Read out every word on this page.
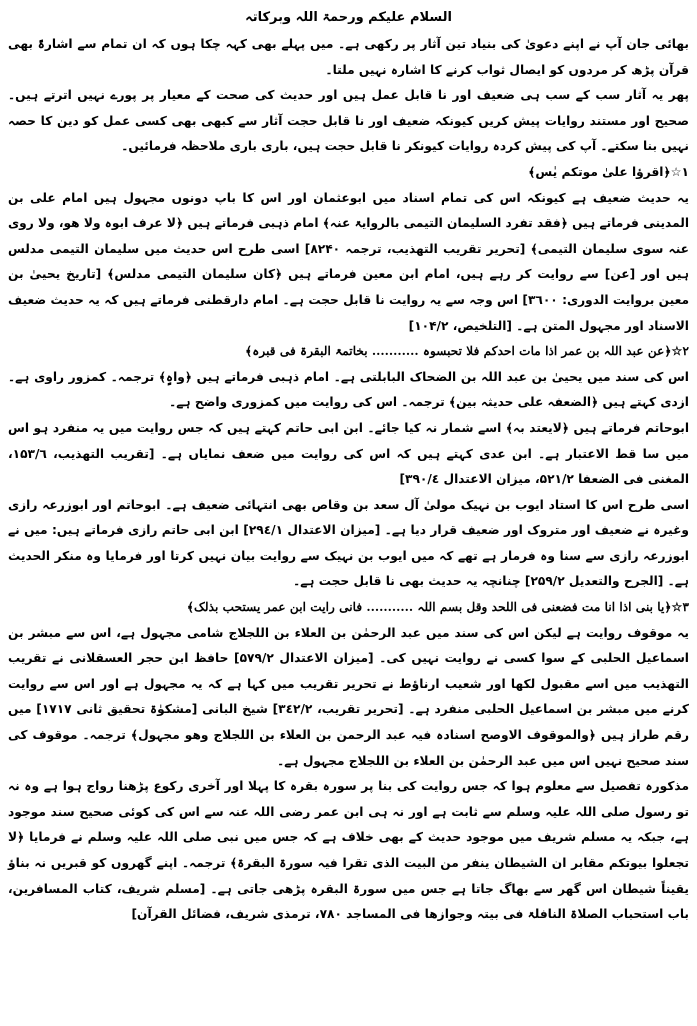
السلام علیکم ورحمۃ اللہ وبرکاتہ

بھائی جان آپ نے اپنے دعویٰ کی بنیاد تین آثار پر رکھی ہے۔ میں پہلے بھی کہہ چکا ہوں کہ ان تمام سے اشارۃً بھی قرآن پڑھ کر مردوں کو ایصال ثواب کرنے کا اشارہ نہیں ملتا۔

پھر یہ آثار سب کے سب ہی ضعیف اور نا قابل عمل ہیں اور حدیث کی صحت کے معیار پر پورے نہیں اترتے ہیں۔ صحیح اور مستند روایات پیش کریں کیونکہ ضعیف اور نا قابل حجت آثار سے کبھی بھی کسی عمل کو دین کا حصہ نہیں بنا سکتے۔ آپ کی پیش کردہ روایات کیونکر نا قابل حجت ہیں، باری باری ملاحظہ فرمائیں۔

۱☆﴿اقرؤا علیٰ موتکم یٰس﴾

یہ حدیث ضعیف ہے کیونکہ اس کی تمام اسناد میں ابوعثمان اور اس کا باپ دونوں مجہول ہیں امام علی بن المدینی فرماتے ہیں ﴿فقد تفرد السلیمان التیمی بالروایۃ عنہ﴾ امام ذہبی فرماتے ہیں ﴿لا عرف ابوہ ولا ھو، ولا روی عنہ سوی سلیمان التیمی﴾ [تحریر تقریب التھذیب، ترجمہ ۸۲۴۰] اسی طرح اس حدیث میں سلیمان التیمی مدلس ہیں اور [عن] سے روایت کر رہے ہیں، امام ابن معین فرماتے ہیں ﴿کان سلیمان التیمی مدلس﴾ [تاریخ یحییٰ بن معین بروایت الدوری: ٣٦٠٠] اس وجہ سے یہ روایت نا قابل حجت ہے۔ امام دارقطنی فرماتے ہیں کہ یہ حدیث ضعیف الاسناد اور مجہول المتن ہے۔ [التلخیص، ۱۰۴/۲]

۲☆﴿عن عبد اللہ بن عمر اذا مات احدکم فلا تحبسوہ ........... بخاتمۃ البقرۃ فی قبرہ﴾

اس کی سند میں یحییٰ بن عبد اللہ بن الضحاک البابلتی ہے۔ امام ذہبی فرماتے ہیں ﴿واہٍ﴾ ترجمہ۔ کمزور راوی ہے۔ ازدی کہتے ہیں ﴿الضعفہ علی حدیثہ بین﴾ ترجمہ۔ اس کی روایت میں کمزوری واضح ہے۔

ابوحاتم فرماتے ہیں ﴿لایعتد بہ﴾ اسے شمار نہ کیا جائے۔ ابن ابی حاتم کہتے ہیں کہ جس روایت میں یہ منفرد ہو اس میں سا قط الاعتبار ہے۔ ابن عدی کہتے ہیں کہ اس کی روایت میں ضعف نمایاں ہے۔ [تقریب التھذیب، ۱۵۳/٦، المغنی فی الضعفا ۵۲۱/۲، میزان الاعتدال ۳۹۰/٤]

اسی طرح اس کا استاد ایوب بن نہیک مولیٰ آل سعد بن وقاص بھی انتہائی ضعیف ہے۔ ابوحاتم اور ابوزرعہ رازی وغیرہ نے ضعیف اور متروک اور ضعیف قرار دیا ہے۔ [میزان الاعتدال ۲۹٤/۱] ابن ابی حاتم رازی فرماتے ہیں: میں نے ابوزرعہ رازی سے سنا وہ فرمار ہے تھے کہ میں ایوب بن نہیک سے روایت بیان نہیں کرتا اور فرمایا وہ منکر الحدیث ہے۔ [الجرح والتعدیل ۲۵۹/۲] چنانچہ یہ حدیث بھی نا قابل حجت ہے۔

۳☆﴿یا بنی اذا انا مت فضعنی فی اللحد وقل بسم اللہ ........... فانی رایت ابن عمر یستحب بذلک﴾

یہ موقوف روایت ہے لیکن اس کی سند میں عبد الرحمٰن بن العلاء بن اللجلاج شامی مجہول ہے، اس سے مبشر بن اسماعیل الحلبی کے سوا کسی نے روایت نہیں کی۔ [میزان الاعتدال ۵۷۹/۲] حافظ ابن حجر العسقلانی نے تقریب التھذیب میں اسے مقبول لکھا اور شعیب ارناؤط نے تحریر تقریب میں کہا ہے کہ یہ مجہول ہے اور اس سے روایت کرنے میں مبشر بن اسماعیل الحلبی منفرد ہے۔ [تحریر تقریب، ۳٤۲/۲] شیخ البانی [مشکوٰۃ تحقیق ثانی ۱۷۱۷] میں رقم طراز ہیں ﴿والموقوف الاوصح اسنادہ فیہ عبد الرحمن بن العلاء بن اللجلاج وھو مجہول﴾ ترجمہ۔ موقوف کی سند صحیح نہیں اس میں عبد الرحمٰن بن العلاء بن اللجلاج مجہول ہے۔

مذکورہ تفصیل سے معلوم ہوا کہ جس روایت کی بنا پر سورہ بقرہ کا پہلا اور آخری رکوع پڑھنا رواج ہوا ہے وہ نہ تو رسول صلی اللہ علیہ وسلم سے ثابت ہے اور نہ ہی ابن عمر رضی اللہ عنہ سے اس کی کوئی صحیح سند موجود ہے، جبکہ یہ مسلم شریف میں موجود حدیث کے بھی خلاف ہے کہ جس میں نبی صلی اللہ علیہ وسلم نے فرمایا ﴿لا تجعلوا بیوتکم مقابر ان الشیطان ینفر من البیت الذی تقرا فیہ سورۃ البقرۃ﴾ ترجمہ۔ اپنے گھروں کو قبریں نہ بناؤ یقیناً شیطان اس گھر سے بھاگ جاتا ہے جس میں سورۃ البقرہ پڑھی جاتی ہے۔ [مسلم شریف، کتاب المسافرین، باب استحباب الصلاۃ النافلۃ فی بیتہ وجوازھا فی المساجد ۷۸۰، ترمذی شریف، فضائل القرآن]
